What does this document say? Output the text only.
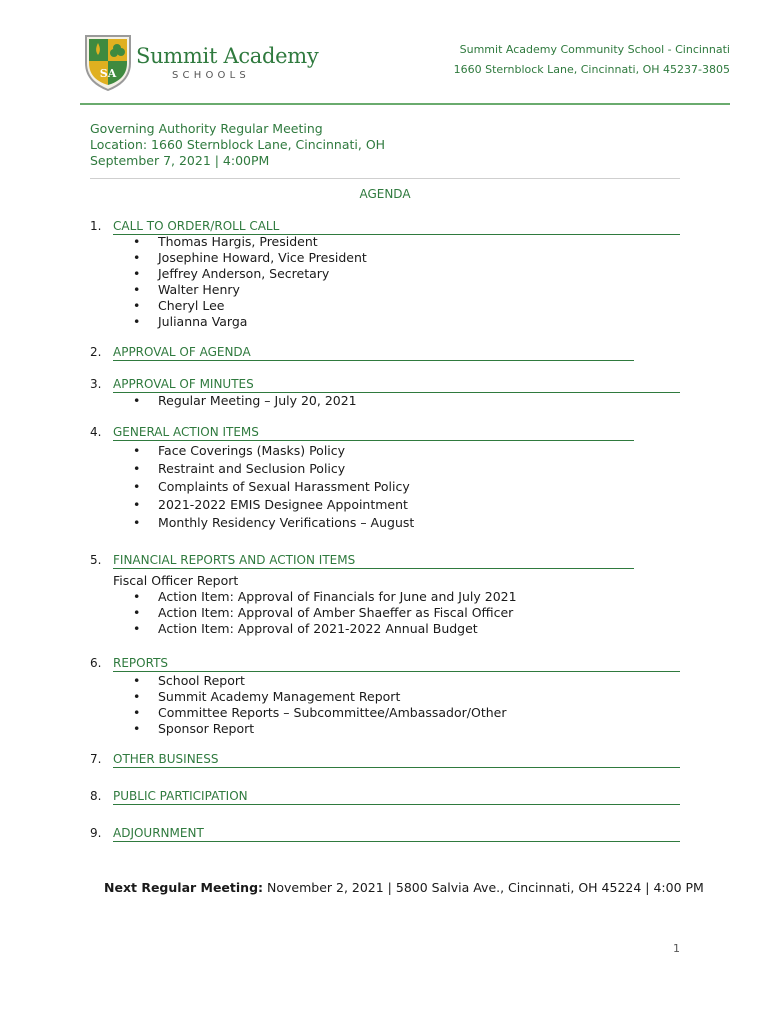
SA
Summit Academy
SCHOOLS
Summit Academy Community School - Cincinnati
1660 Sternblock Lane, Cincinnati, OH 45237-3805
Governing Authority Regular Meeting
Location: 1660 Sternblock Lane, Cincinnati, OH
September 7, 2021 | 4:00PM
AGENDA
1. CALL TO ORDER/ROLL CALL
• Thomas Hargis, President
• Josephine Howard, Vice President
• Jeffrey Anderson, Secretary
• Walter Henry
• Cheryl Lee
• Julianna Varga
2. APPROVAL OF AGENDA
3. APPROVAL OF MINUTES
• Regular Meeting – July 20, 2021
4. GENERAL ACTION ITEMS
• Face Coverings (Masks) Policy
• Restraint and Seclusion Policy
• Complaints of Sexual Harassment Policy
• 2021-2022 EMIS Designee Appointment
• Monthly Residency Verifications – August
5. FINANCIAL REPORTS AND ACTION ITEMS
Fiscal Officer Report
• Action Item: Approval of Financials for June and July 2021
• Action Item: Approval of Amber Shaeffer as Fiscal Officer
• Action Item: Approval of 2021-2022 Annual Budget
6. REPORTS
• School Report
• Summit Academy Management Report
• Committee Reports – Subcommittee/Ambassador/Other
• Sponsor Report
7. OTHER BUSINESS
8. PUBLIC PARTICIPATION
9. ADJOURNMENT
Next Regular Meeting: November 2, 2021 | 5800 Salvia Ave., Cincinnati, OH 45224 | 4:00 PM
1
